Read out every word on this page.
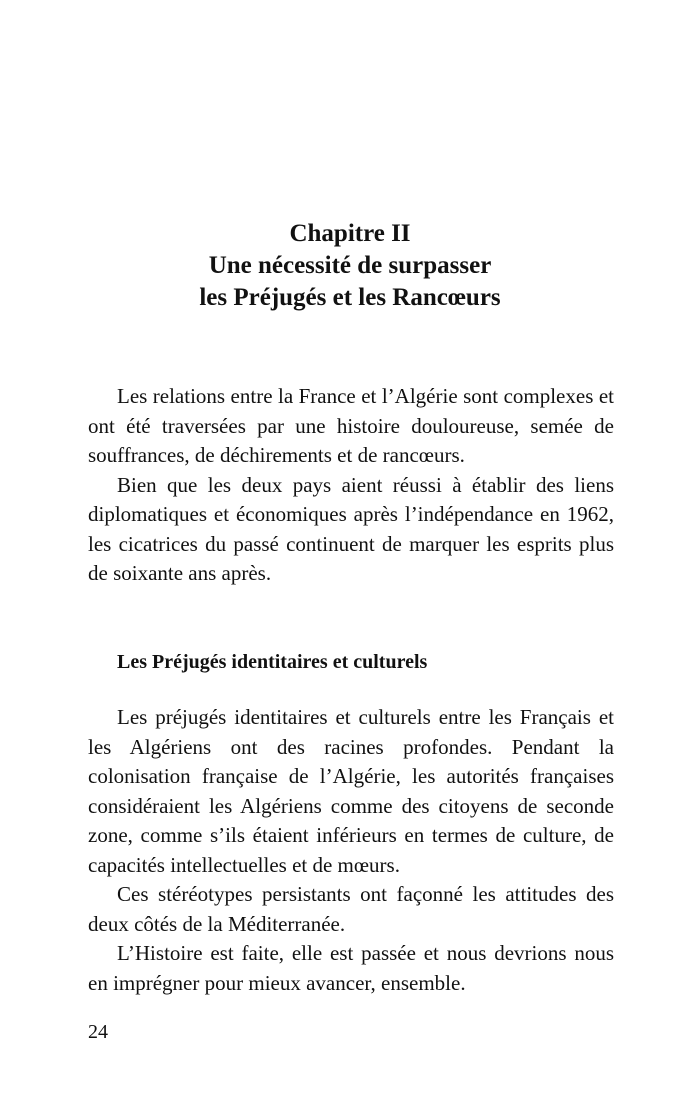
Chapitre II
Une nécessité de surpasser
les Préjugés et les Rancœurs

Les relations entre la France et l’Algérie sont complexes et ont été traversées par une histoire douloureuse, semée de souffrances, de déchirements et de rancœurs.

Bien que les deux pays aient réussi à établir des liens diplomatiques et économiques après l’indépendance en 1962, les cicatrices du passé continuent de marquer les esprits plus de soixante ans après.

Les Préjugés identitaires et culturels

Les préjugés identitaires et culturels entre les Français et les Algériens ont des racines profondes. Pendant la colonisation française de l’Algérie, les autorités françaises considéraient les Algériens comme des citoyens de seconde zone, comme s’ils étaient inférieurs en termes de culture, de capacités intellectuelles et de mœurs.

Ces stéréotypes persistants ont façonné les attitudes des deux côtés de la Méditerranée.

L’Histoire est faite, elle est passée et nous devrions nous en imprégner pour mieux avancer, ensemble.

24
